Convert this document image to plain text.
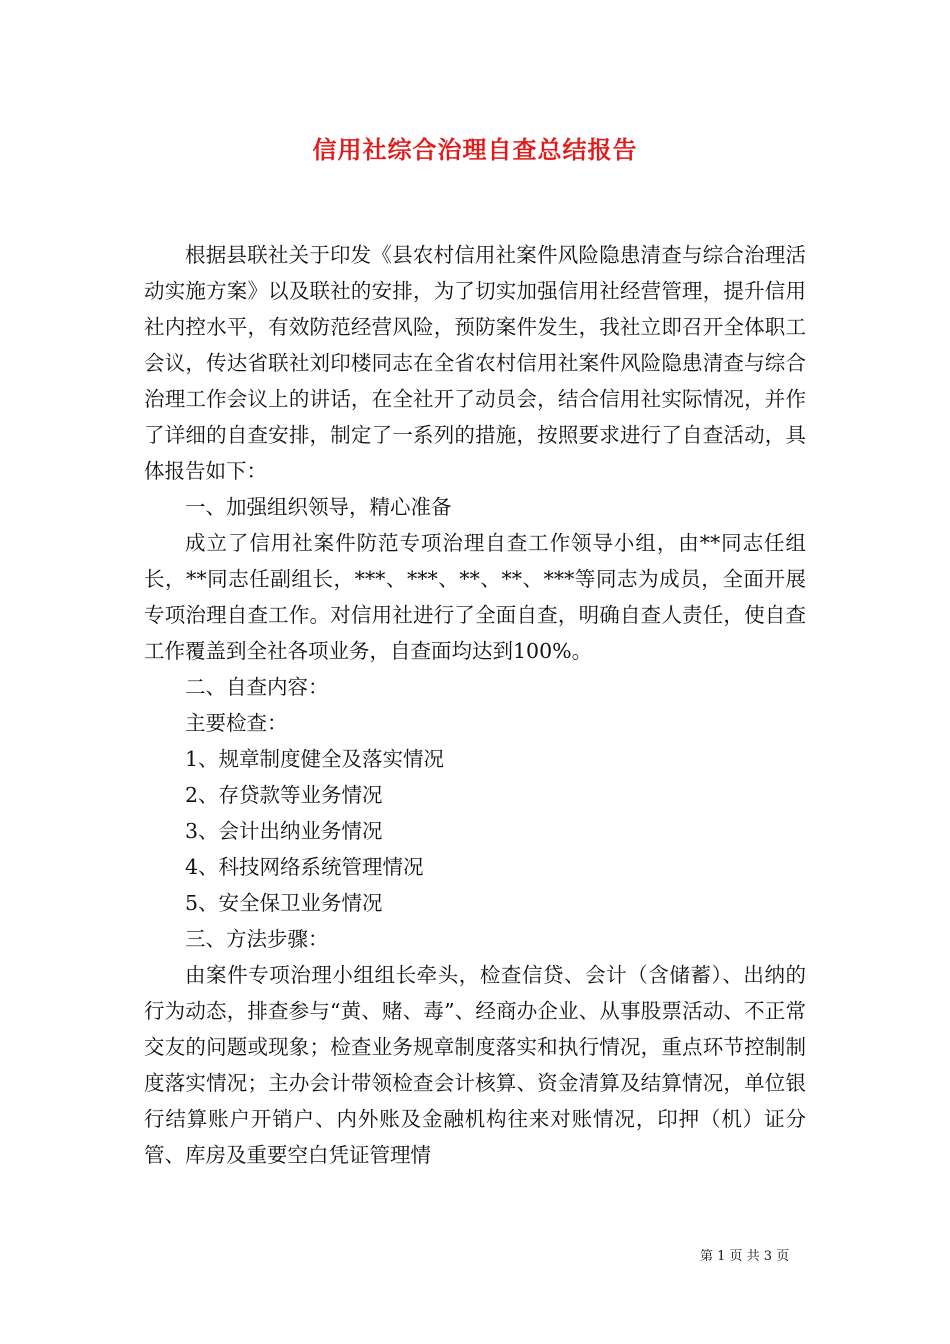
信用社综合治理自查总结报告

根据县联社关于印发《县农村信用社案件风险隐患清查与综合治理活动实施方案》以及联社的安排，为了切实加强信用社经营管理，提升信用社内控水平，有效防范经营风险，预防案件发生，我社立即召开全体职工会议，传达省联社刘印楼同志在全省农村信用社案件风险隐患清查与综合治理工作会议上的讲话，在全社开了动员会，结合信用社实际情况，并作了详细的自查安排，制定了一系列的措施，按照要求进行了自查活动，具体报告如下：

一、加强组织领导，精心准备

成立了信用社案件防范专项治理自查工作领导小组，由**同志任组长，**同志任副组长，***、***、**、**、***等同志为成员，全面开展专项治理自查工作。对信用社进行了全面自查，明确自查人责任，使自查工作覆盖到全社各项业务，自查面均达到100%。

二、自查内容：

主要检查：

1、规章制度健全及落实情况

2、存贷款等业务情况

3、会计出纳业务情况

4、科技网络系统管理情况

5、安全保卫业务情况

三、方法步骤：

由案件专项治理小组组长牵头，检查信贷、会计（含储蓄）、出纳的行为动态，排查参与“黄、赌、毒”、经商办企业、从事股票活动、不正常交友的问题或现象；检查业务规章制度落实和执行情况，重点环节控制制度落实情况；主办会计带领检查会计核算、资金清算及结算情况，单位银行结算账户开销户、内外账及金融机构往来对账情况，印押（机）证分管、库房及重要空白凭证管理情

第 1 页 共 3 页
